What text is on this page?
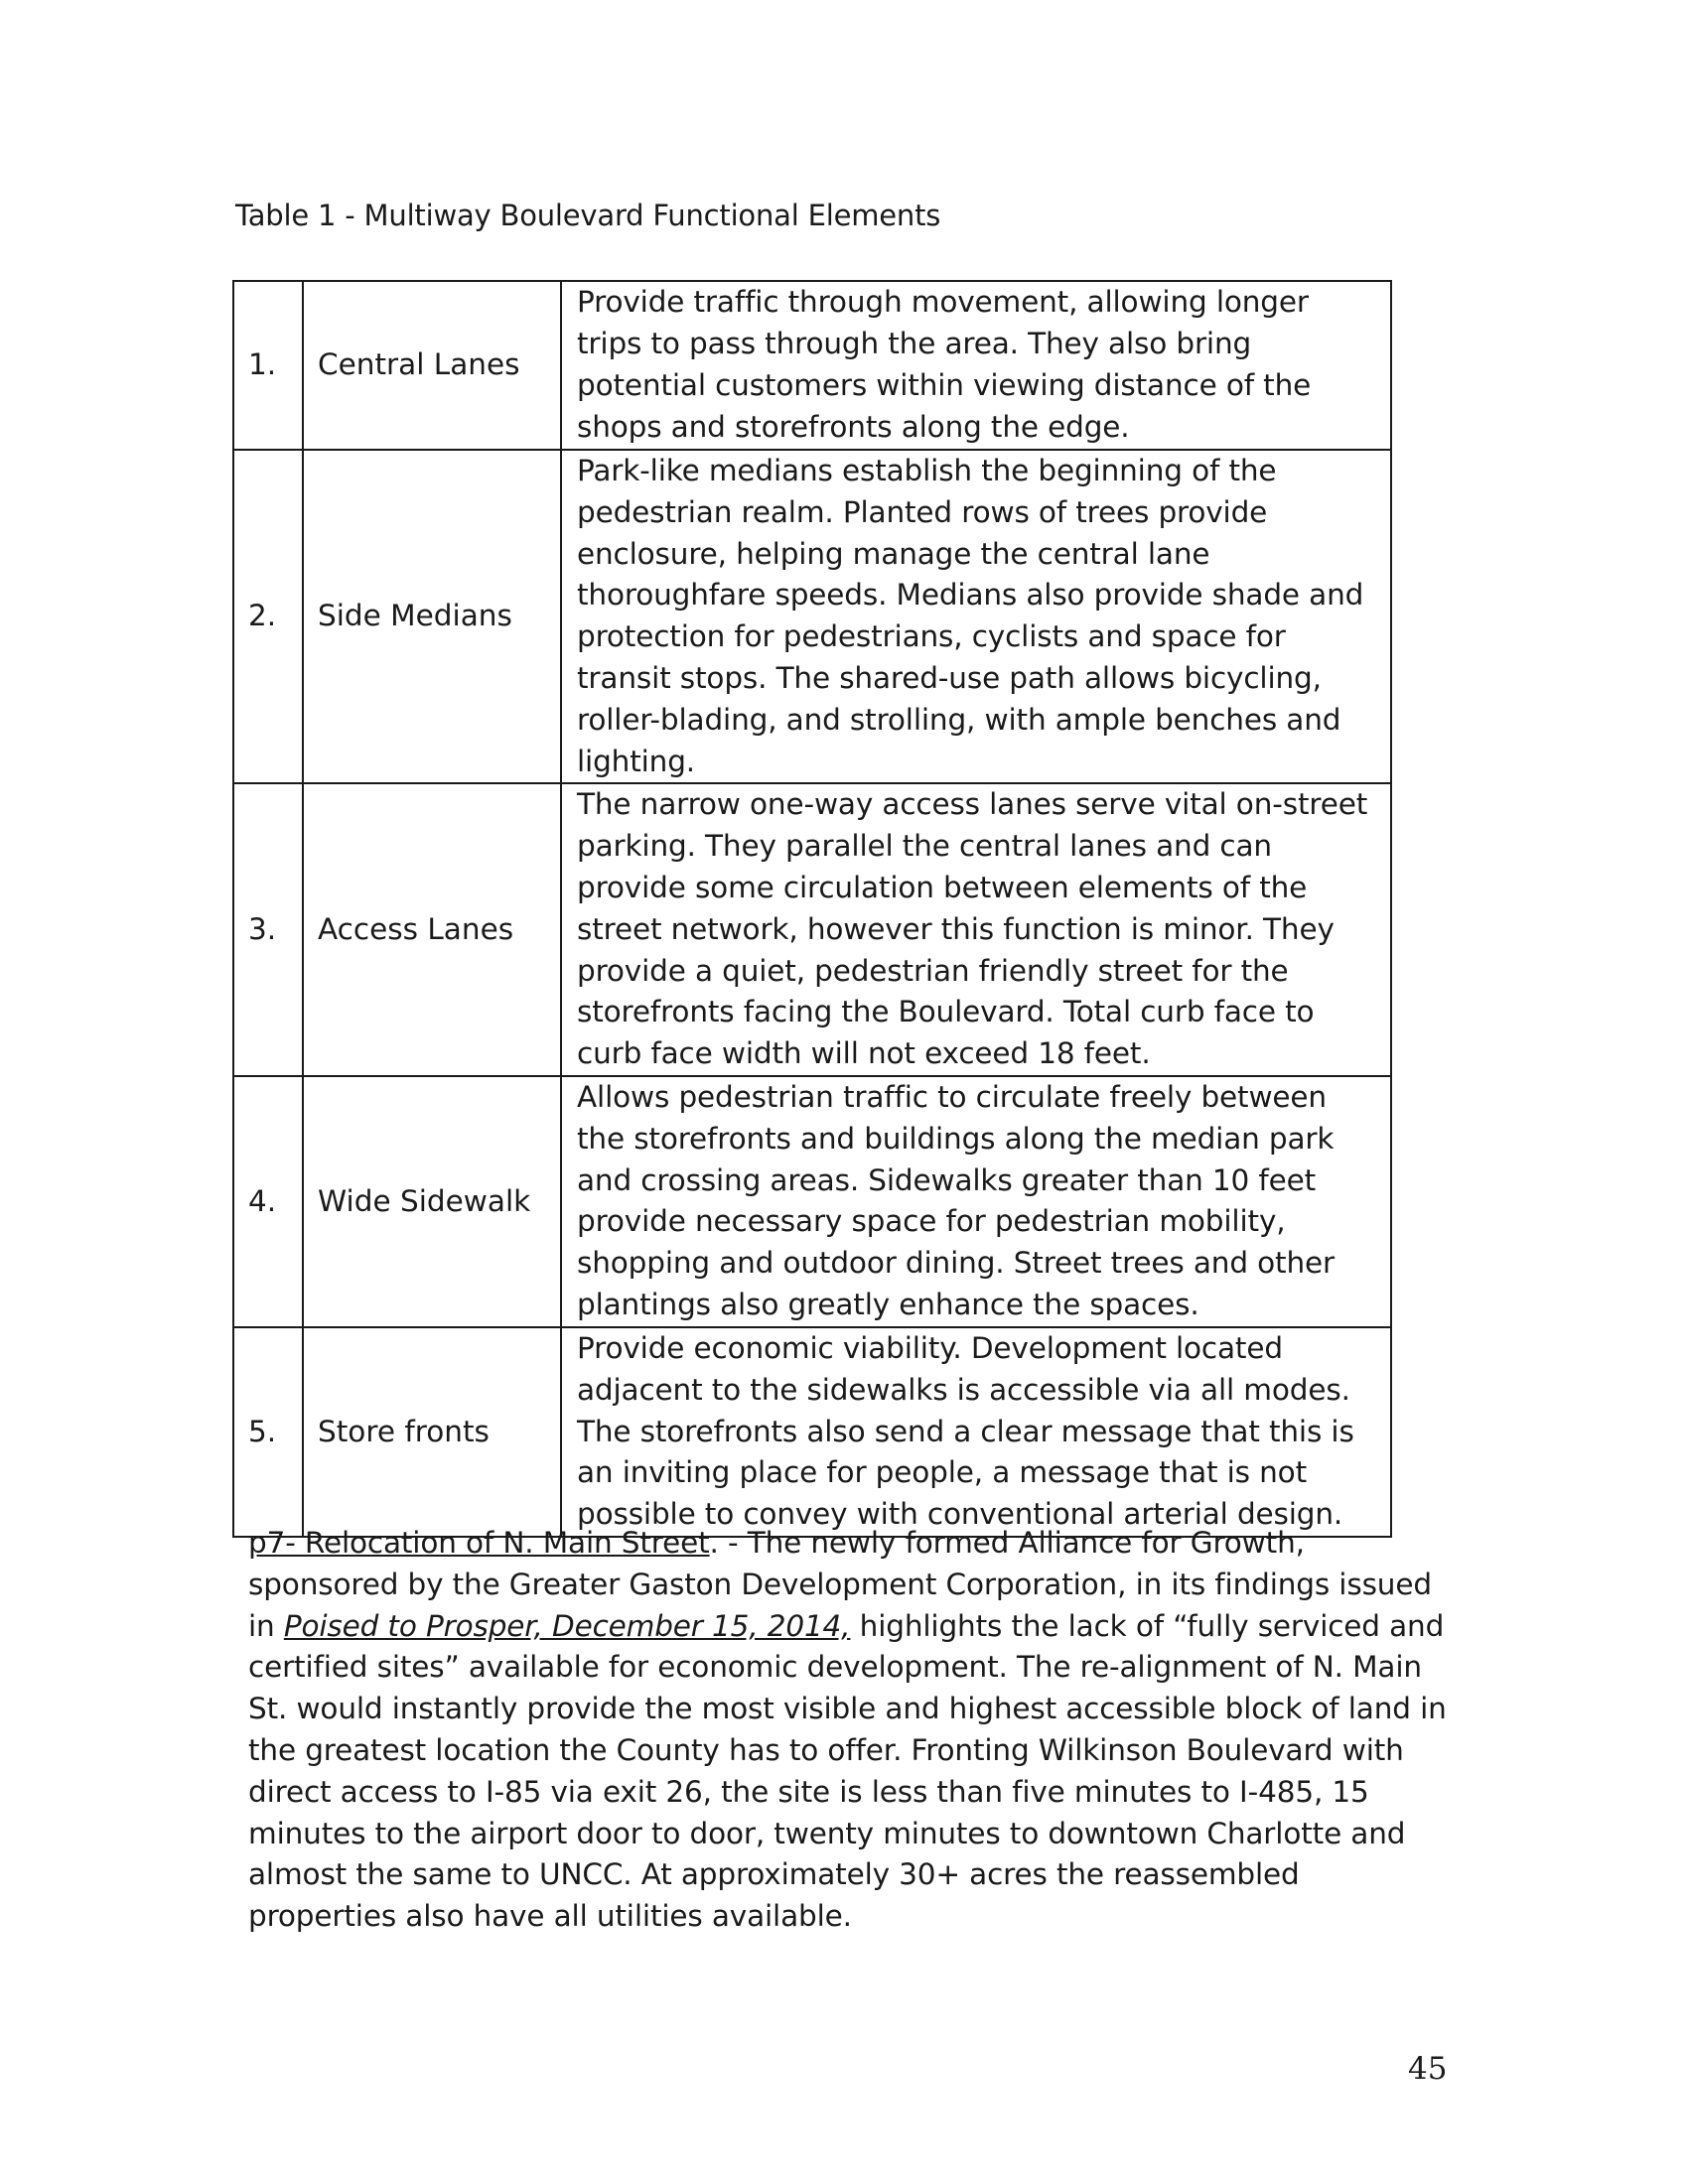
Table 1 - Multiway Boulevard Functional Elements
1.	Central Lanes	Provide traffic through movement, allowing longer trips to pass through the area. They also bring potential customers within viewing distance of the shops and storefronts along the edge.
2.	Side Medians	Park-like medians establish the beginning of the pedestrian realm. Planted rows of trees provide enclosure, helping manage the central lane thoroughfare speeds. Medians also provide shade and protection for pedestrians, cyclists and space for transit stops. The shared-use path allows bicycling, roller-blading, and strolling, with ample benches and lighting.
3.	Access Lanes	The narrow one-way access lanes serve vital on-street parking. They parallel the central lanes and can provide some circulation between elements of the street network, however this function is minor. They provide a quiet, pedestrian friendly street for the storefronts facing the Boulevard. Total curb face to curb face width will not exceed 18 feet.
4.	Wide Sidewalk	Allows pedestrian traffic to circulate freely between the storefronts and buildings along the median park and crossing areas. Sidewalks greater than 10 feet provide necessary space for pedestrian mobility, shopping and outdoor dining. Street trees and other plantings also greatly enhance the spaces.
5.	Store fronts	Provide economic viability. Development located adjacent to the sidewalks is accessible via all modes. The storefronts also send a clear message that this is an inviting place for people, a message that is not possible to convey with conventional arterial design.
p7- Relocation of N. Main Street. - The newly formed Alliance for Growth, sponsored by the Greater Gaston Development Corporation, in its findings issued in Poised to Prosper, December 15, 2014, highlights the lack of “fully serviced and certified sites” available for economic development. The re-alignment of N. Main St. would instantly provide the most visible and highest accessible block of land in the greatest location the County has to offer. Fronting Wilkinson Boulevard with direct access to I-85 via exit 26, the site is less than five minutes to I-485, 15 minutes to the airport door to door, twenty minutes to downtown Charlotte and almost the same to UNCC. At approximately 30+ acres the reassembled properties also have all utilities available.
45
